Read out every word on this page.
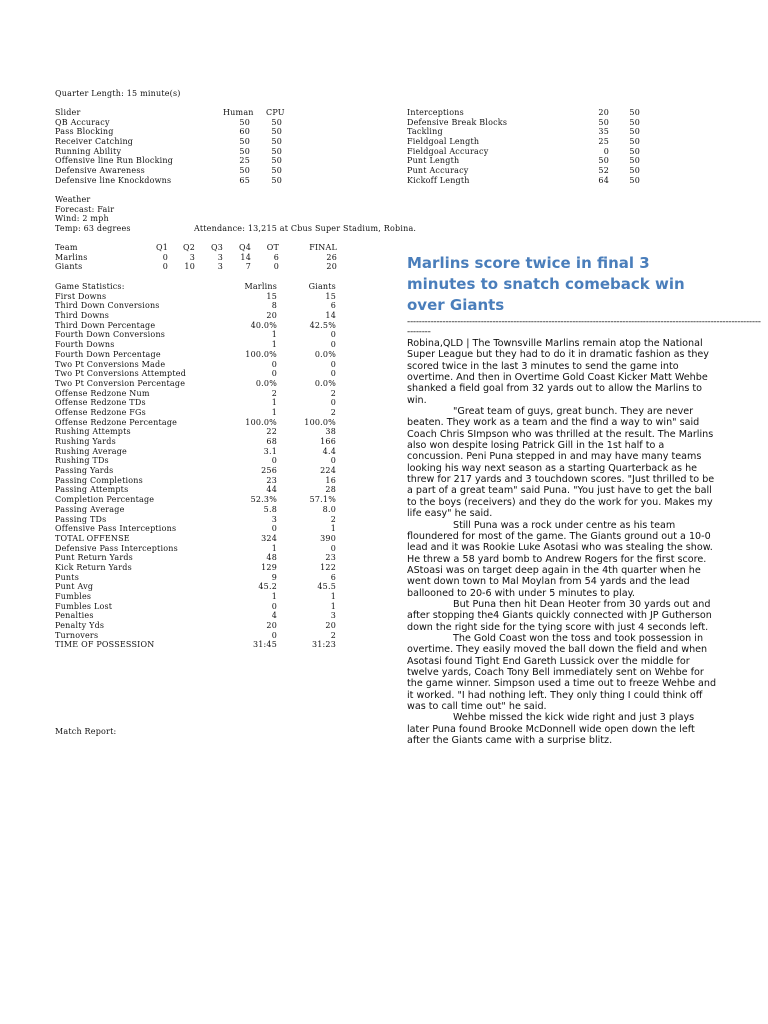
Quarter Length: 15 minute(s)
Slider	Human CPU
QB Accuracy	50	50
Pass Blocking	60	50
Receiver Catching	50	50
Running Ability	50	50
Offensive line Run Blocking	25	50
Defensive Awareness	50	50
Defensive line Knockdowns	65	50
Interceptions	20	50
Defensive Break Blocks	50	50
Tackling	35	50
Fieldgoal Length	25	50
Fieldgoal Accuracy	0	50
Punt Length	50	50
Punt Accuracy	52	50
Kickoff Length	64	50
Weather
Forecast: Fair
Wind: 2 mph
Temp: 63 degrees	Attendance: 13,215 at Cbus Super Stadium, Robina.
Team	Q1	Q2	Q3	Q4	OT	FINAL
Marlins	0	3	3	14	6	26
Giants	0	10	3	7	0	20
Game Statistics:	Marlins	Giants
First Downs	15	15
Third Down Conversions	8	6
Third Downs	20	14
Third Down Percentage	40.0%	42.5%
Fourth Down Conversions	1	0
Fourth Downs	1	0
Fourth Down Percentage	100.0%	0.0%
Two Pt Conversions Made	0	0
Two Pt Conversions Attempted	0	0
Two Pt Conversion Percentage	0.0%	0.0%
Offense Redzone Num	2	2
Offense Redzone TDs	1	0
Offense Redzone FGs	1	2
Offense Redzone Percentage	100.0%	100.0%
Rushing Attempts	22	38
Rushing Yards	68	166
Rushing Average	3.1	4.4
Rushing TDs	0	0
Passing Yards	256	224
Passing Completions	23	16
Passing Attempts	44	28
Completion Percentage	52.3%	57.1%
Passing Average	5.8	8.0
Passing TDs	3	2
Offensive Pass Interceptions	0	1
TOTAL OFFENSE	324	390
Defensive Pass Interceptions	1	0
Punt Return Yards	48	23
Kick Return Yards	129	122
Punts	9	6
Punt Avg	45.2	45.5
Fumbles	1	1
Fumbles Lost	0	1
Penalties	4	3
Penalty Yds	20	20
Turnovers	0	2
TIME OF POSSESSION	31:45	31:23
Match Report:
Marlins score twice in final 3 minutes to snatch comeback win over Giants
------------------------------------------------------------------------------------------------------------------------
--------

Robina,QLD | The Townsville Marlins remain atop the National Super League but they had to do it in dramatic fashion as they scored twice in the last 3 minutes to send the game into overtime. And then in Overtime Gold Coast Kicker Matt Wehbe shanked a field goal from 32 yards out to allow the Marlins to win.

"Great team of guys, great bunch. They are never beaten. They work as a team and the find a way to win" said Coach Chris SImpson who was thrilled at the result. The Marlins also won despite losing Patrick Gill in the 1st half to a concussion. Peni Puna stepped in and may have many teams looking his way next season as a starting Quarterback as he threw for 217 yards and 3 touchdown scores. "Just thrilled to be a part of a great team" said Puna. "You just have to get the ball to the boys (receivers) and they do the work for you. Makes my life easy" he said.

Still Puna was a rock under centre as his team floundered for most of the game. The Giants ground out a 10-0 lead and it was Rookie Luke Asotasi who was stealing the show. He threw a 58 yard bomb to Andrew Rogers for the first score. AStoasi was on target deep again in the 4th quarter when he went down town to Mal Moylan from 54 yards and the lead ballooned to 20-6 with under 5 minutes to play.

But Puna then hit Dean Heoter from 30 yards out and after stopping the4 Giants quickly connected with JP Gutherson down the right side for the tying score with just 4 seconds left.

The Gold Coast won the toss and took possession in overtime. They easily moved the ball down the field and when Asotasi found Tight End Gareth Lussick over the middle for twelve yards, Coach Tony Bell immediately sent on Wehbe for the game winner. Simpson used a time out to freeze Wehbe and it worked. "I had nothing left. They only thing I could think off was to call time out" he said.

Wehbe missed the kick wide right and just 3 plays later Puna found Brooke McDonnell wide open down the left after the Giants came with a surprise blitz.
